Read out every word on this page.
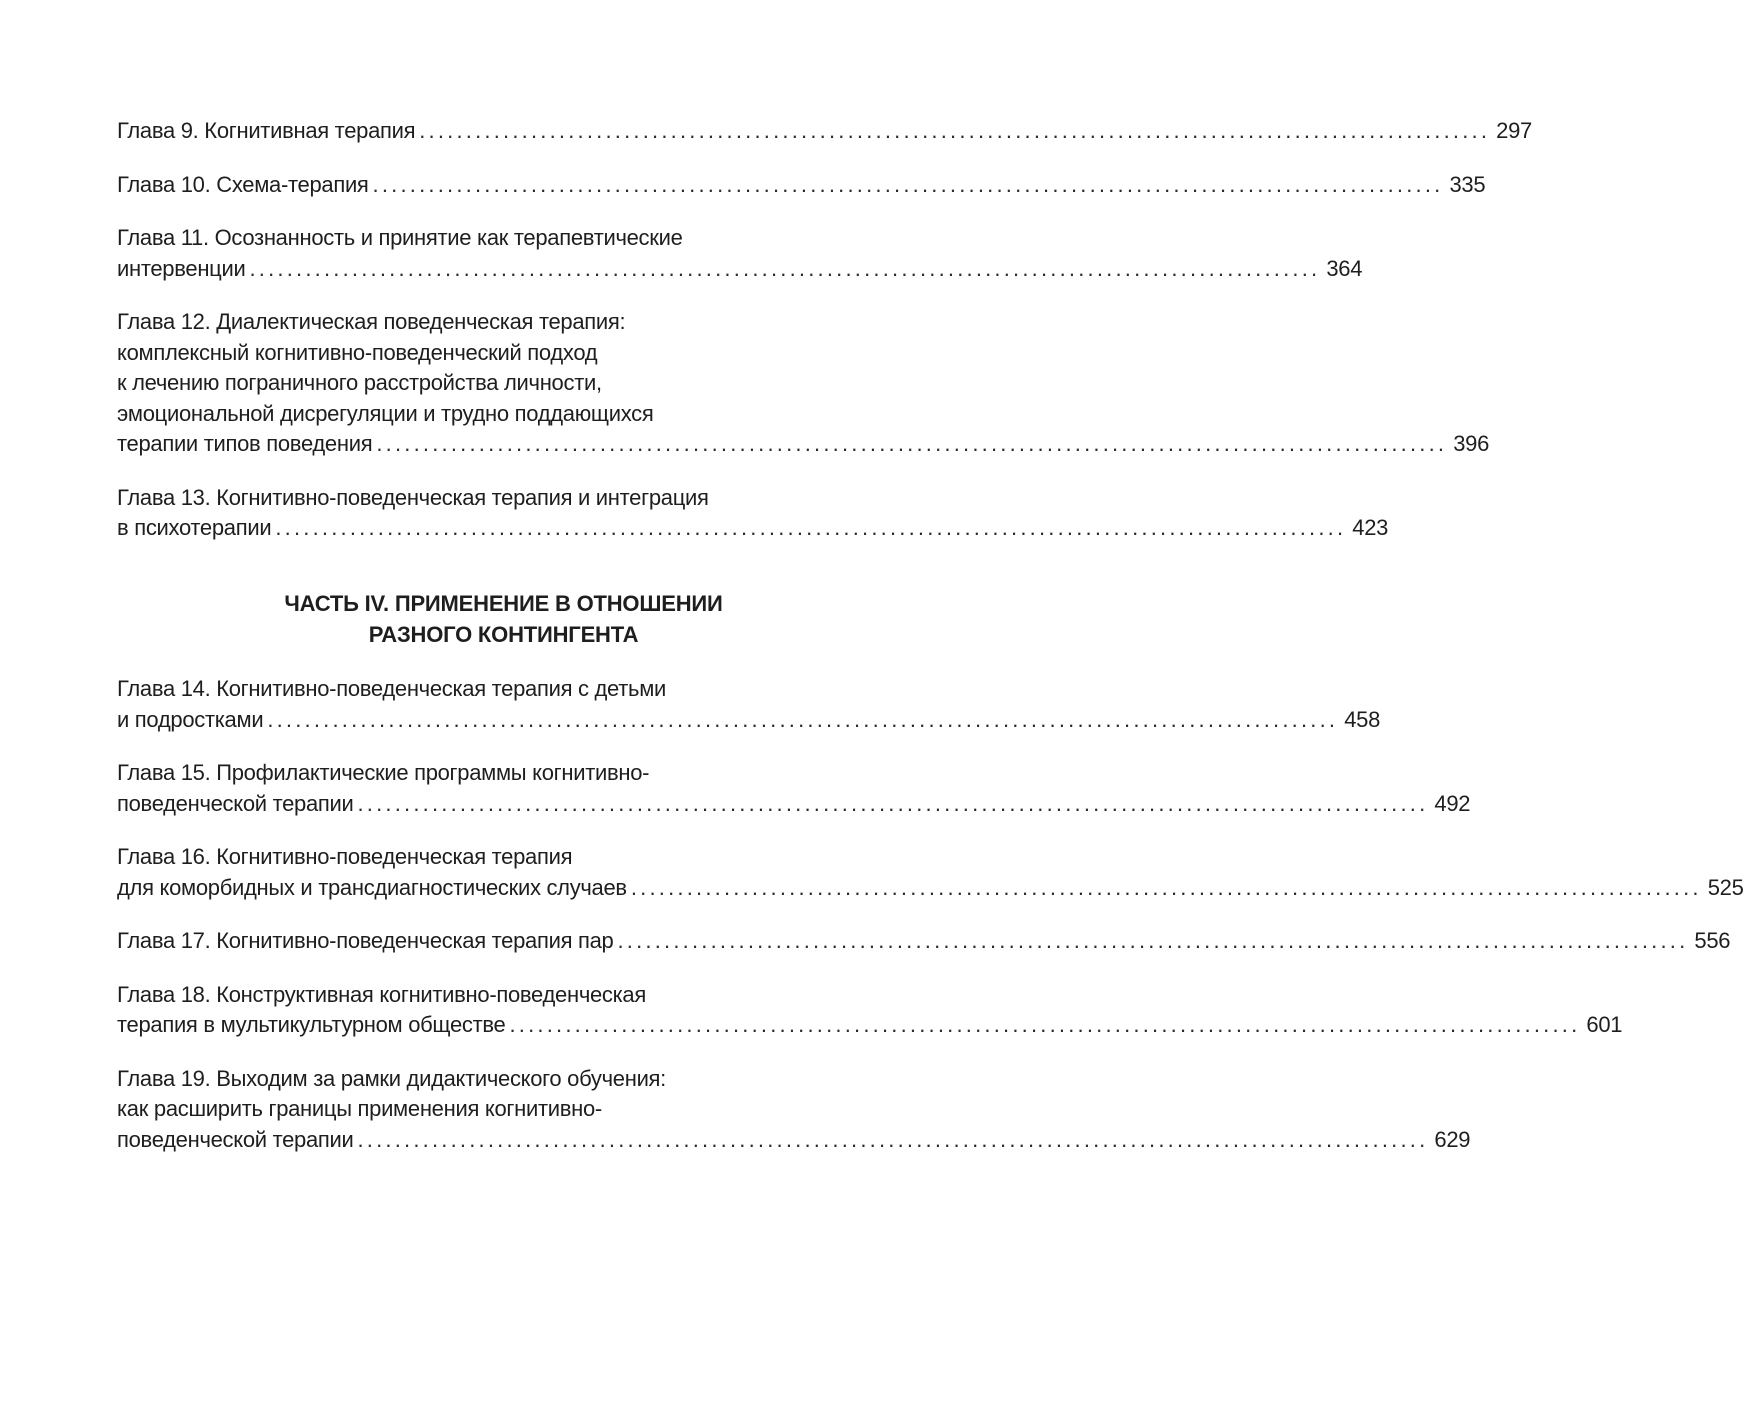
Глава 9. Когнитивная терапия ................................................................................................................... 297
Глава 10. Схема-терапия ................................................................................................................... 335
Глава 11. Осознанность и принятие как терапевтические
интервенции ................................................................................................................... 364
Глава 12. Диалектическая поведенческая терапия:
комплексный когнитивно-поведенческий подход
к лечению пограничного расстройства личности,
эмоциональной дисрегуляции и трудно поддающихся
терапии типов поведения ................................................................................................................... 396
Глава 13. Когнитивно-поведенческая терапия и интеграция
в психотерапии ................................................................................................................... 423
ЧАСТЬ IV. ПРИМЕНЕНИЕ В ОТНОШЕНИИ
РАЗНОГО КОНТИНГЕНТА
Глава 14. Когнитивно-поведенческая терапия с детьми
и подростками ................................................................................................................... 458
Глава 15. Профилактические программы когнитивно-
поведенческой терапии ................................................................................................................... 492
Глава 16. Когнитивно-поведенческая терапия
для коморбидных и трансдиагностических случаев ................................................................................................................... 525
Глава 17. Когнитивно-поведенческая терапия пар ................................................................................................................... 556
Глава 18. Конструктивная когнитивно-поведенческая
терапия в мультикультурном обществе ................................................................................................................... 601
Глава 19. Выходим за рамки дидактического обучения:
как расширить границы применения когнитивно-
поведенческой терапии ................................................................................................................... 629
